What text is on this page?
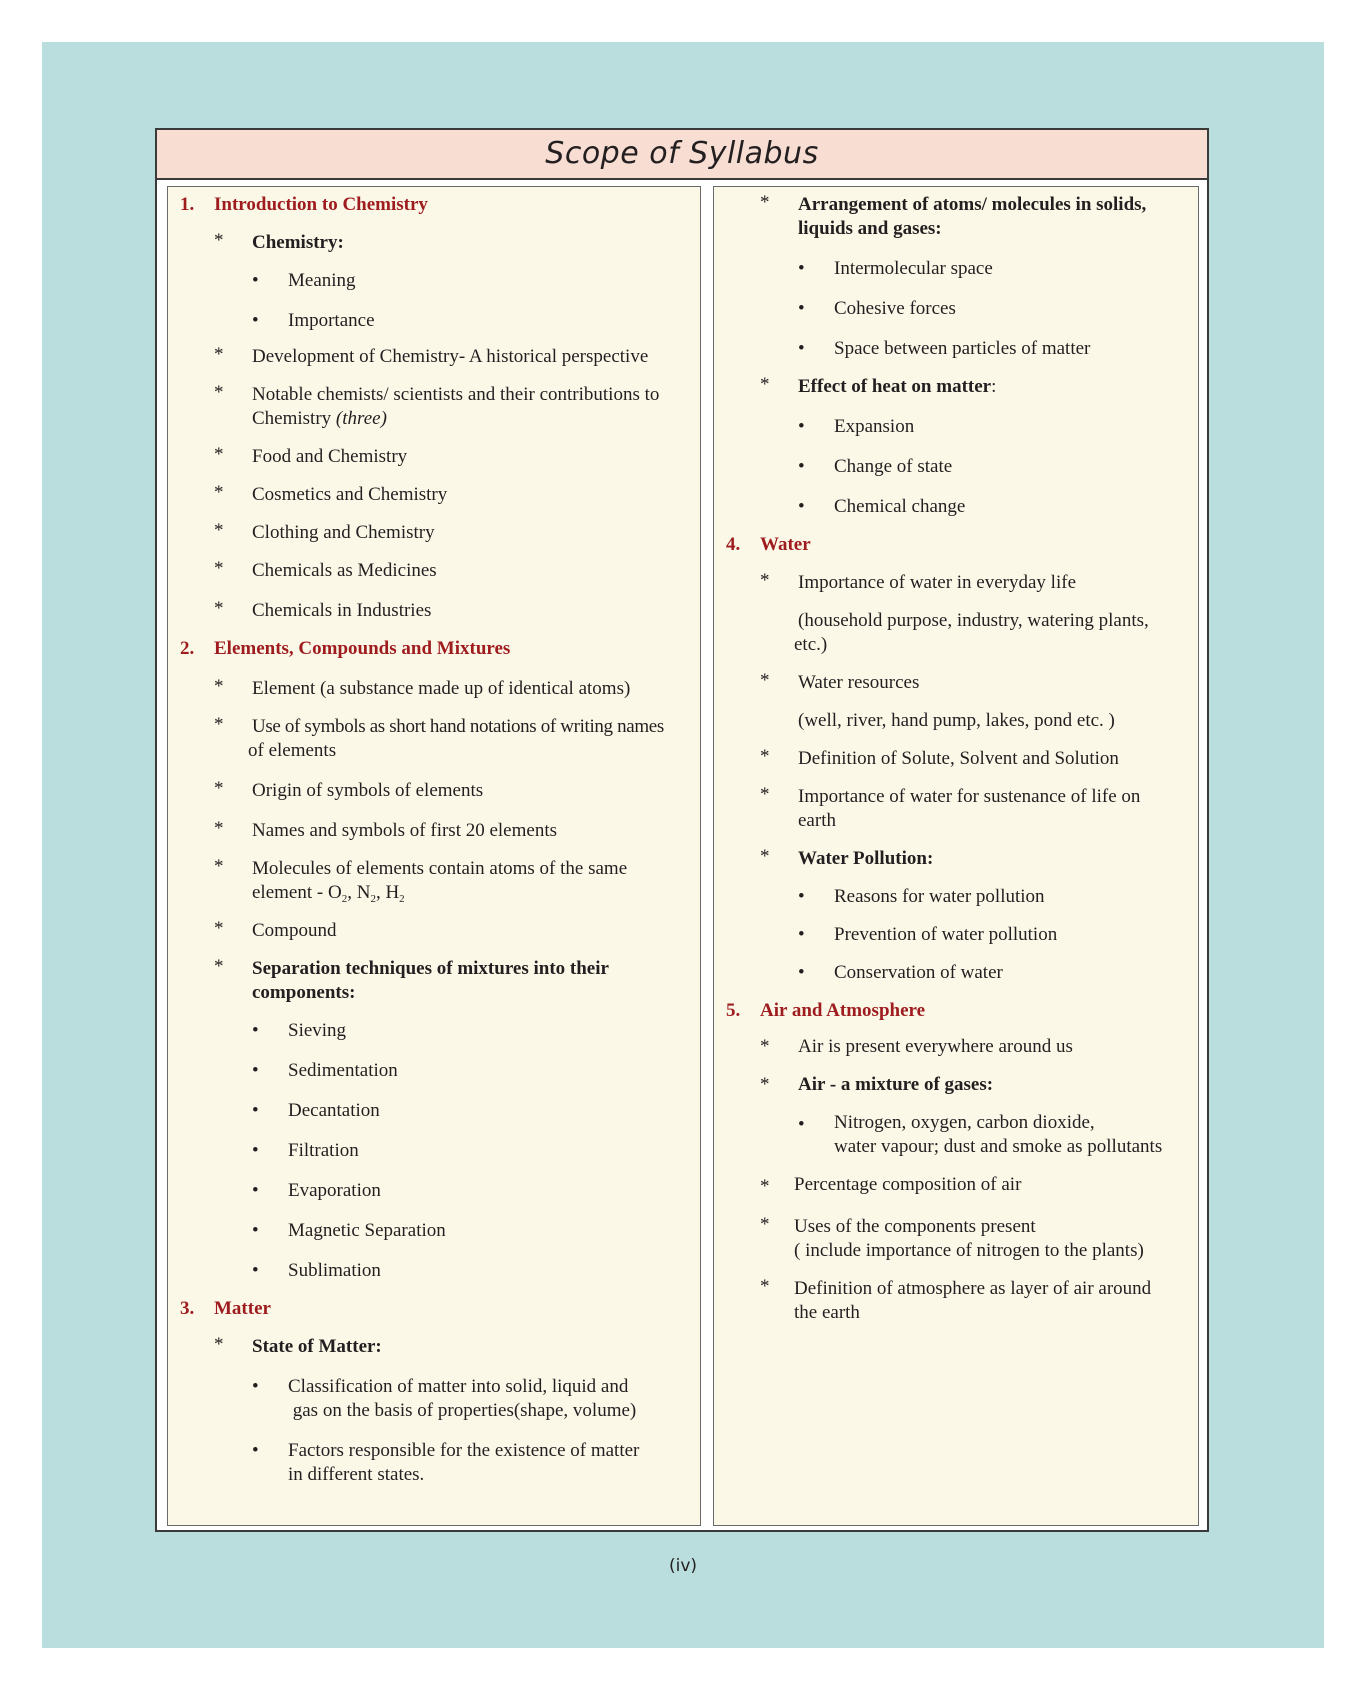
Scope of Syllabus
1. Introduction to Chemistry
* Chemistry:
• Meaning
• Importance
* Development of Chemistry- A historical perspective
* Notable chemists/ scientists and their contributions to
Chemistry (three)
* Food and Chemistry
* Cosmetics and Chemistry
* Clothing and Chemistry
* Chemicals as Medicines
* Chemicals in Industries
2. Elements, Compounds and Mixtures
* Element (a substance made up of identical atoms)
* Use of symbols as short hand notations of writing names
of elements
* Origin of symbols of elements
* Names and symbols of first 20 elements
* Molecules of elements contain atoms of the same
element - $O_2$, $N_2$, $H_2$
* Compound
* Separation techniques of mixtures into their
components:
• Sieving
• Sedimentation
• Decantation
• Filtration
• Evaporation
• Magnetic Separation
• Sublimation
3. Matter
* State of Matter:
• Classification of matter into solid, liquid and
gas on the basis of properties(shape, volume)
• Factors responsible for the existence of matter
in different states.
* Arrangement of atoms/ molecules in solids,
liquids and gases:
• Intermolecular space
• Cohesive forces
• Space between particles of matter
* Effect of heat on matter:
• Expansion
• Change of state
• Chemical change
4. Water
* Importance of water in everyday life
(household purpose, industry, watering plants,
etc.)
* Water resources
(well, river, hand pump, lakes, pond etc. )
* Definition of Solute, Solvent and Solution
* Importance of water for sustenance of life on
earth
* Water Pollution:
• Reasons for water pollution
• Prevention of water pollution
• Conservation of water
5. Air and Atmosphere
* Air is present everywhere around us
* Air - a mixture of gases:
• Nitrogen, oxygen, carbon dioxide,
water vapour; dust and smoke as pollutants
* Percentage composition of air
* Uses of the components present
( include importance of nitrogen to the plants)
* Definition of atmosphere as layer of air around
the earth
(iv)
